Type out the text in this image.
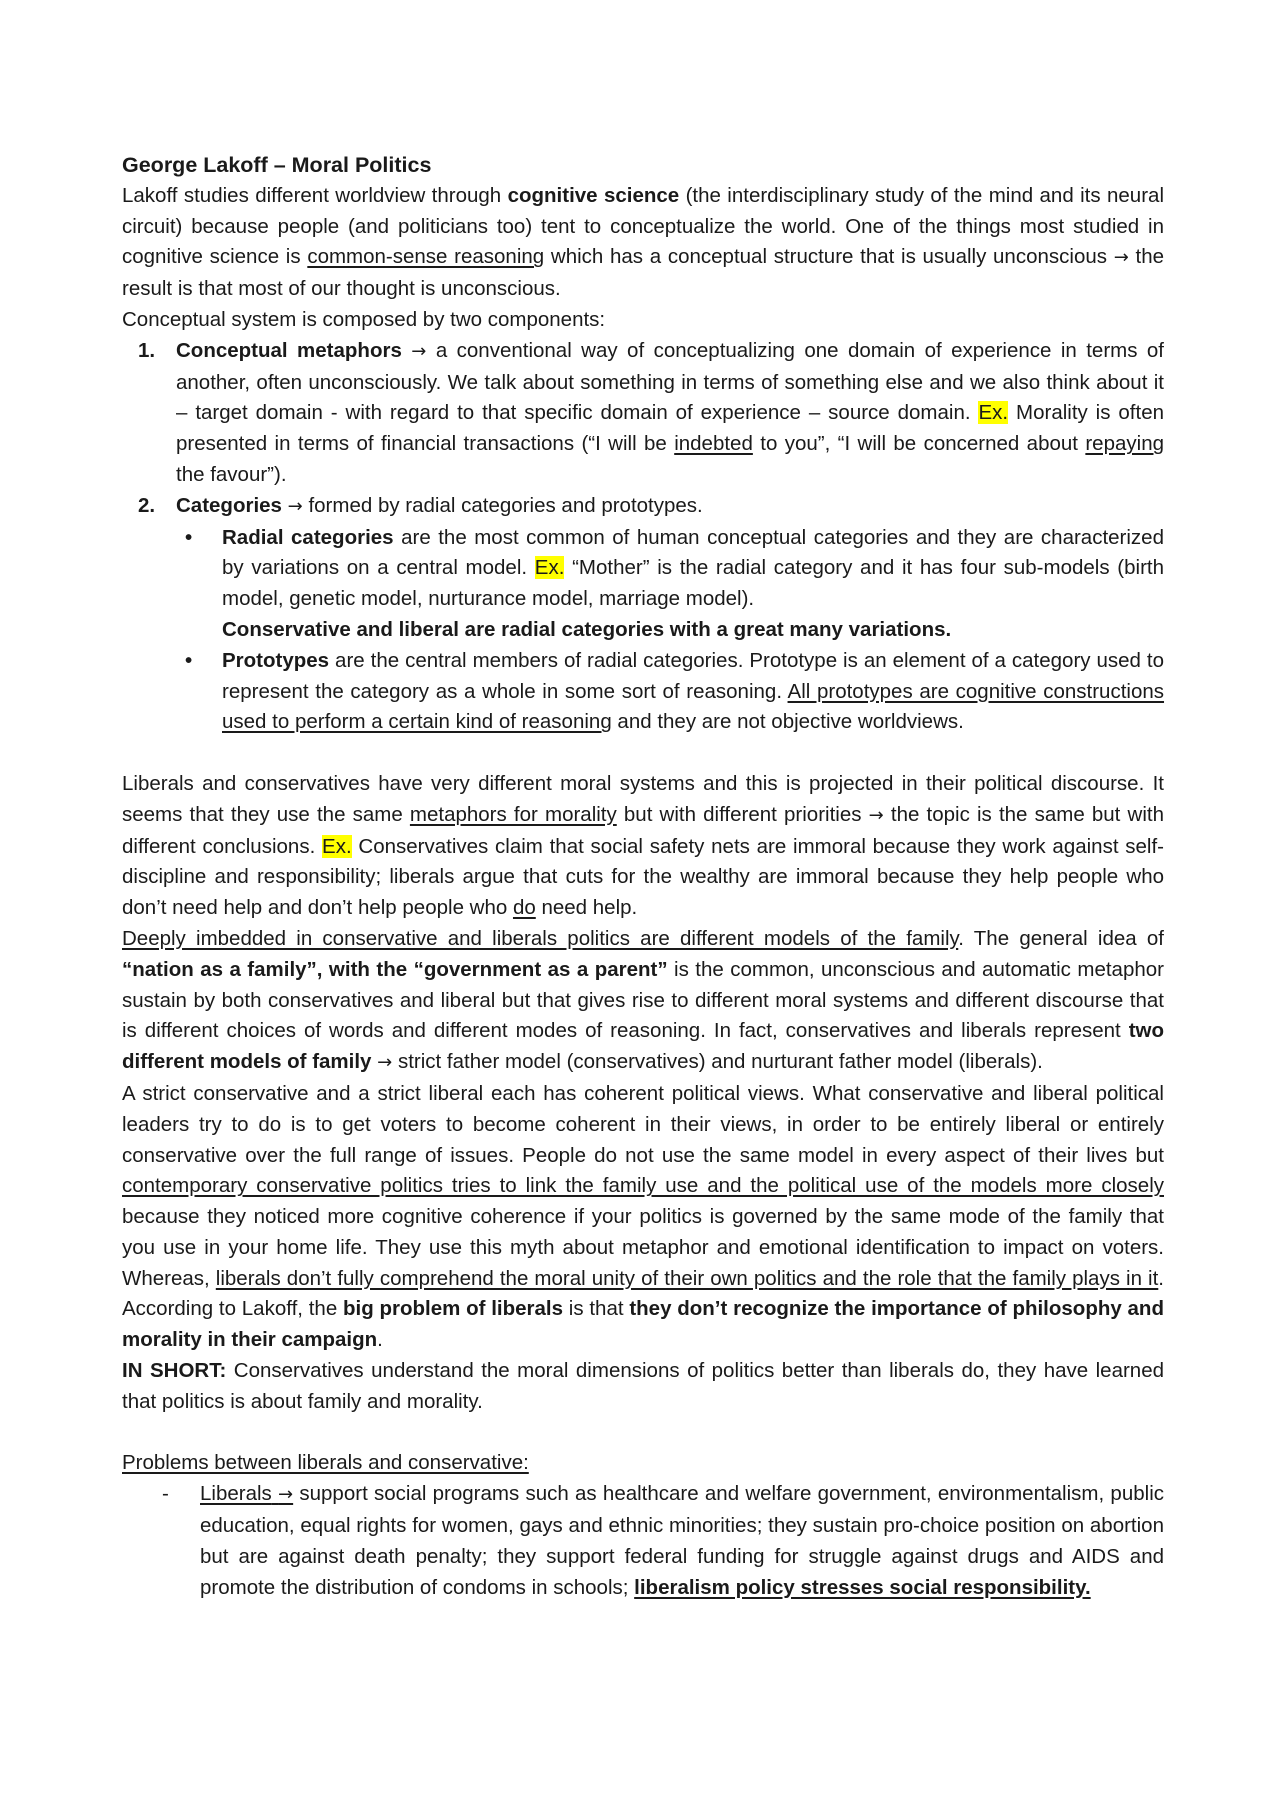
George Lakoff – Moral Politics

Lakoff studies different worldview through cognitive science (the interdisciplinary study of the mind and its neural circuit) because people (and politicians too) tent to conceptualize the world. One of the things most studied in cognitive science is common-sense reasoning which has a conceptual structure that is usually unconscious → the result is that most of our thought is unconscious.

Conceptual system is composed by two components:

1. Conceptual metaphors → a conventional way of conceptualizing one domain of experience in terms of another, often unconsciously. We talk about something in terms of something else and we also think about it – target domain - with regard to that specific domain of experience – source domain. Ex. Morality is often presented in terms of financial transactions (“I will be indebted to you”, “I will be concerned about repaying the favour”).
2. Categories → formed by radial categories and prototypes.
• Radial categories are the most common of human conceptual categories and they are characterized by variations on a central model. Ex. “Mother” is the radial category and it has four sub-models (birth model, genetic model, nurturance model, marriage model).

Conservative and liberal are radial categories with a great many variations.

• Prototypes are the central members of radial categories. Prototype is an element of a category used to represent the category as a whole in some sort of reasoning. All prototypes are cognitive constructions used to perform a certain kind of reasoning and they are not objective worldviews.

Liberals and conservatives have very different moral systems and this is projected in their political discourse. It seems that they use the same metaphors for morality but with different priorities → the topic is the same but with different conclusions. Ex. Conservatives claim that social safety nets are immoral because they work against self-discipline and responsibility; liberals argue that cuts for the wealthy are immoral because they help people who don’t need help and don’t help people who do need help.

Deeply imbedded in conservative and liberals politics are different models of the family. The general idea of “nation as a family”, with the “government as a parent” is the common, unconscious and automatic metaphor sustain by both conservatives and liberal but that gives rise to different moral systems and different discourse that is different choices of words and different modes of reasoning. In fact, conservatives and liberals represent two different models of family → strict father model (conservatives) and nurturant father model (liberals).

A strict conservative and a strict liberal each has coherent political views. What conservative and liberal political leaders try to do is to get voters to become coherent in their views, in order to be entirely liberal or entirely conservative over the full range of issues. People do not use the same model in every aspect of their lives but contemporary conservative politics tries to link the family use and the political use of the models more closely because they noticed more cognitive coherence if your politics is governed by the same mode of the family that you use in your home life. They use this myth about metaphor and emotional identification to impact on voters. Whereas, liberals don’t fully comprehend the moral unity of their own politics and the role that the family plays in it. According to Lakoff, the big problem of liberals is that they don’t recognize the importance of philosophy and morality in their campaign.

IN SHORT: Conservatives understand the moral dimensions of politics better than liberals do, they have learned that politics is about family and morality.

Problems between liberals and conservative:

- Liberals → support social programs such as healthcare and welfare government, environmentalism, public education, equal rights for women, gays and ethnic minorities; they sustain pro-choice position on abortion but are against death penalty; they support federal funding for struggle against drugs and AIDS and promote the distribution of condoms in schools; liberalism policy stresses social responsibility.
